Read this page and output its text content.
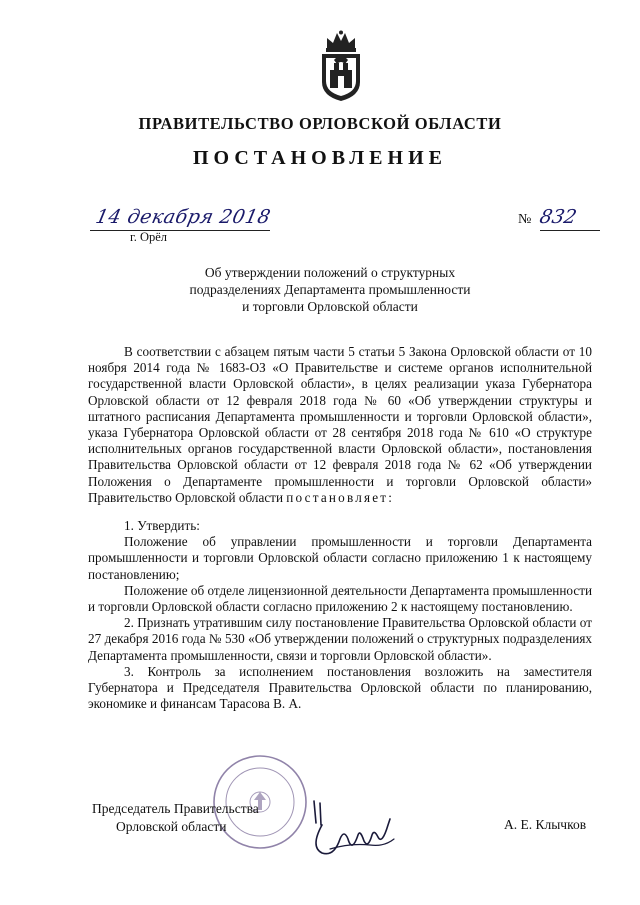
ПРАВИТЕЛЬСТВО ОРЛОВСКОЙ ОБЛАСТИ
ПОСТАНОВЛЕНИЕ
14 декабря 2018
г. Орёл
№ 832
Об утверждении положений о структурных
подразделениях Департамента промышленности
и торговли Орловской области

В соответствии с абзацем пятым части 5 статьи 5 Закона Орловской области от 10 ноября 2014 года № 1683-ОЗ «О Правительстве и системе органов исполнительной государственной власти Орловской области», в целях реализации указа Губернатора Орловской области от 12 февраля 2018 года № 60 «Об утверждении структуры и штатного расписания Департамента промышленности и торговли Орловской области», указа Губернатора Орловской области от 28 сентября 2018 года № 610 «О структуре исполнительных органов государственной власти Орловской области», постановления Правительства Орловской области от 12 февраля 2018 года № 62 «Об утверждении Положения о Департаменте промышленности и торговли Орловской области» Правительство Орловской области постановляет:

1. Утвердить:

Положение об управлении промышленности и торговли Департамента промышленности и торговли Орловской области согласно приложению 1 к настоящему постановлению;

Положение об отделе лицензионной деятельности Департамента промышленности и торговли Орловской области согласно приложению 2 к настоящему постановлению.

2. Признать утратившим силу постановление Правительства Орловской области от 27 декабря 2016 года № 530 «Об утверждении положений о структурных подразделениях Департамента промышленности, связи и торговли Орловской области».

3. Контроль за исполнением постановления возложить на заместителя Губернатора и Председателя Правительства Орловской области по планированию, экономике и финансам Тарасова В. А.

Председатель Правительства
Орловской области	А. Е. Клычков
